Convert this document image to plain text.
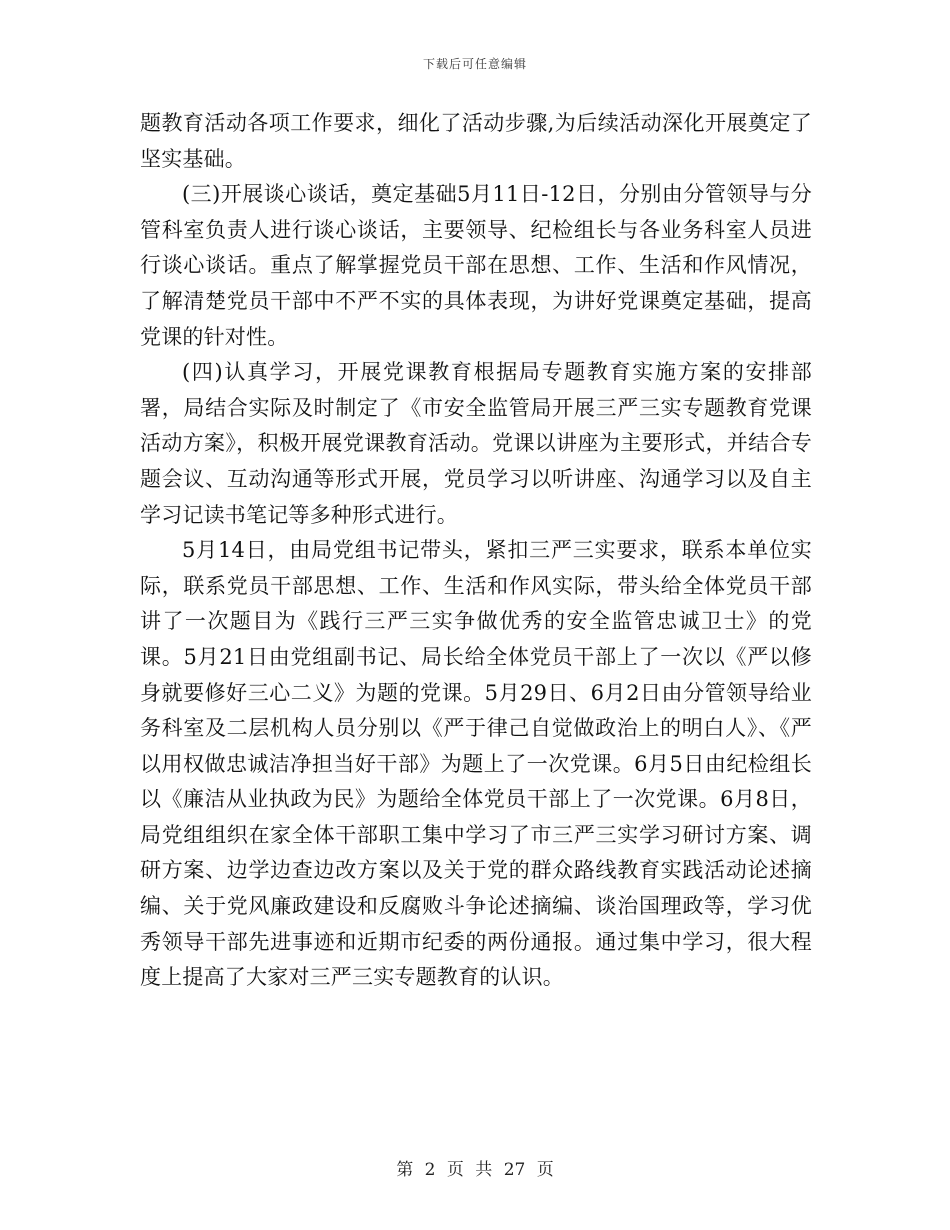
下载后可任意编辑

题教育活动各项工作要求，细化了活动步骤,为后续活动深化开展奠定了坚实基础。

(三)开展谈心谈话，奠定基础5月11日-12日，分别由分管领导与分管科室负责人进行谈心谈话，主要领导、纪检组长与各业务科室人员进行谈心谈话。重点了解掌握党员干部在思想、工作、生活和作风情况，了解清楚党员干部中不严不实的具体表现，为讲好党课奠定基础，提高党课的针对性。

(四)认真学习，开展党课教育根据局专题教育实施方案的安排部署，局结合实际及时制定了《市安全监管局开展三严三实专题教育党课活动方案》，积极开展党课教育活动。党课以讲座为主要形式，并结合专题会议、互动沟通等形式开展，党员学习以听讲座、沟通学习以及自主学习记读书笔记等多种形式进行。

5月14日，由局党组书记带头，紧扣三严三实要求，联系本单位实际，联系党员干部思想、工作、生活和作风实际，带头给全体党员干部讲了一次题目为《践行三严三实争做优秀的安全监管忠诚卫士》的党课。5月21日由党组副书记、局长给全体党员干部上了一次以《严以修身就要修好三心二义》为题的党课。5月29日、6月2日由分管领导给业务科室及二层机构人员分别以《严于律己自觉做政治上的明白人》、《严以用权做忠诚洁净担当好干部》为题上了一次党课。6月5日由纪检组长以《廉洁从业执政为民》为题给全体党员干部上了一次党课。6月8日，局党组组织在家全体干部职工集中学习了市三严三实学习研讨方案、调研方案、边学边查边改方案以及关于党的群众路线教育实践活动论述摘编、关于党风廉政建设和反腐败斗争论述摘编、谈治国理政等，学习优秀领导干部先进事迹和近期市纪委的两份通报。通过集中学习，很大程度上提高了大家对三严三实专题教育的认识。

第 2 页 共 27 页
